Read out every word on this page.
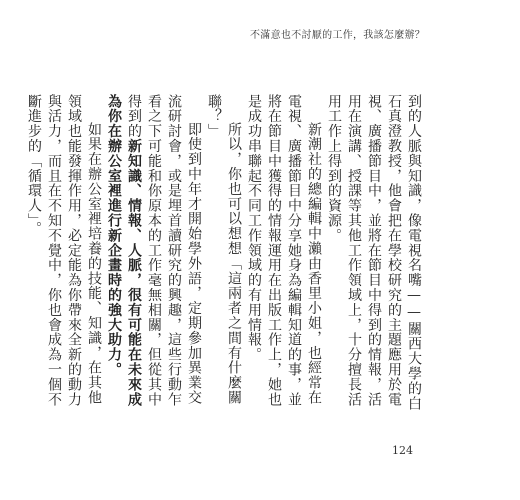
不滿意也不討厭的工作，我該怎麼辦？

到的人脈與知識，像電視名嘴——關西大學的白石真澄教授，他會把在學校研究的主題應用於電視、廣播節目中，並將在節目中得到的情報，活用在演講、授課等其他工作領域上，十分擅長活用工作上得到的資源。

新潮社的總編輯中瀨由香里小姐，也經常在電視、廣播節目中分享她身為編輯知道的事，並將在節目中獲得的情報運用在出版工作上，她也是成功串聯起不同工作領域的有用情報。

所以，你也可以想想「這兩者之間有什麼關聯？」

即使到中年才開始學外語，定期參加異業交流研討會，或是埋首讀研究的興趣，這些行動乍看之下可能和你原本的工作毫無相關，但從其中得到的新知識、情報、人脈，很有可能在未來成為你在辦公室裡進行新企畫時的強大助力。

如果在辦公室裡培養的技能、知識，在其他領域也能發揮作用，必定能為你帶來全新的動力與活力，而且在不知不覺中，你也會成為一個不斷進步的「循環人」。

124
